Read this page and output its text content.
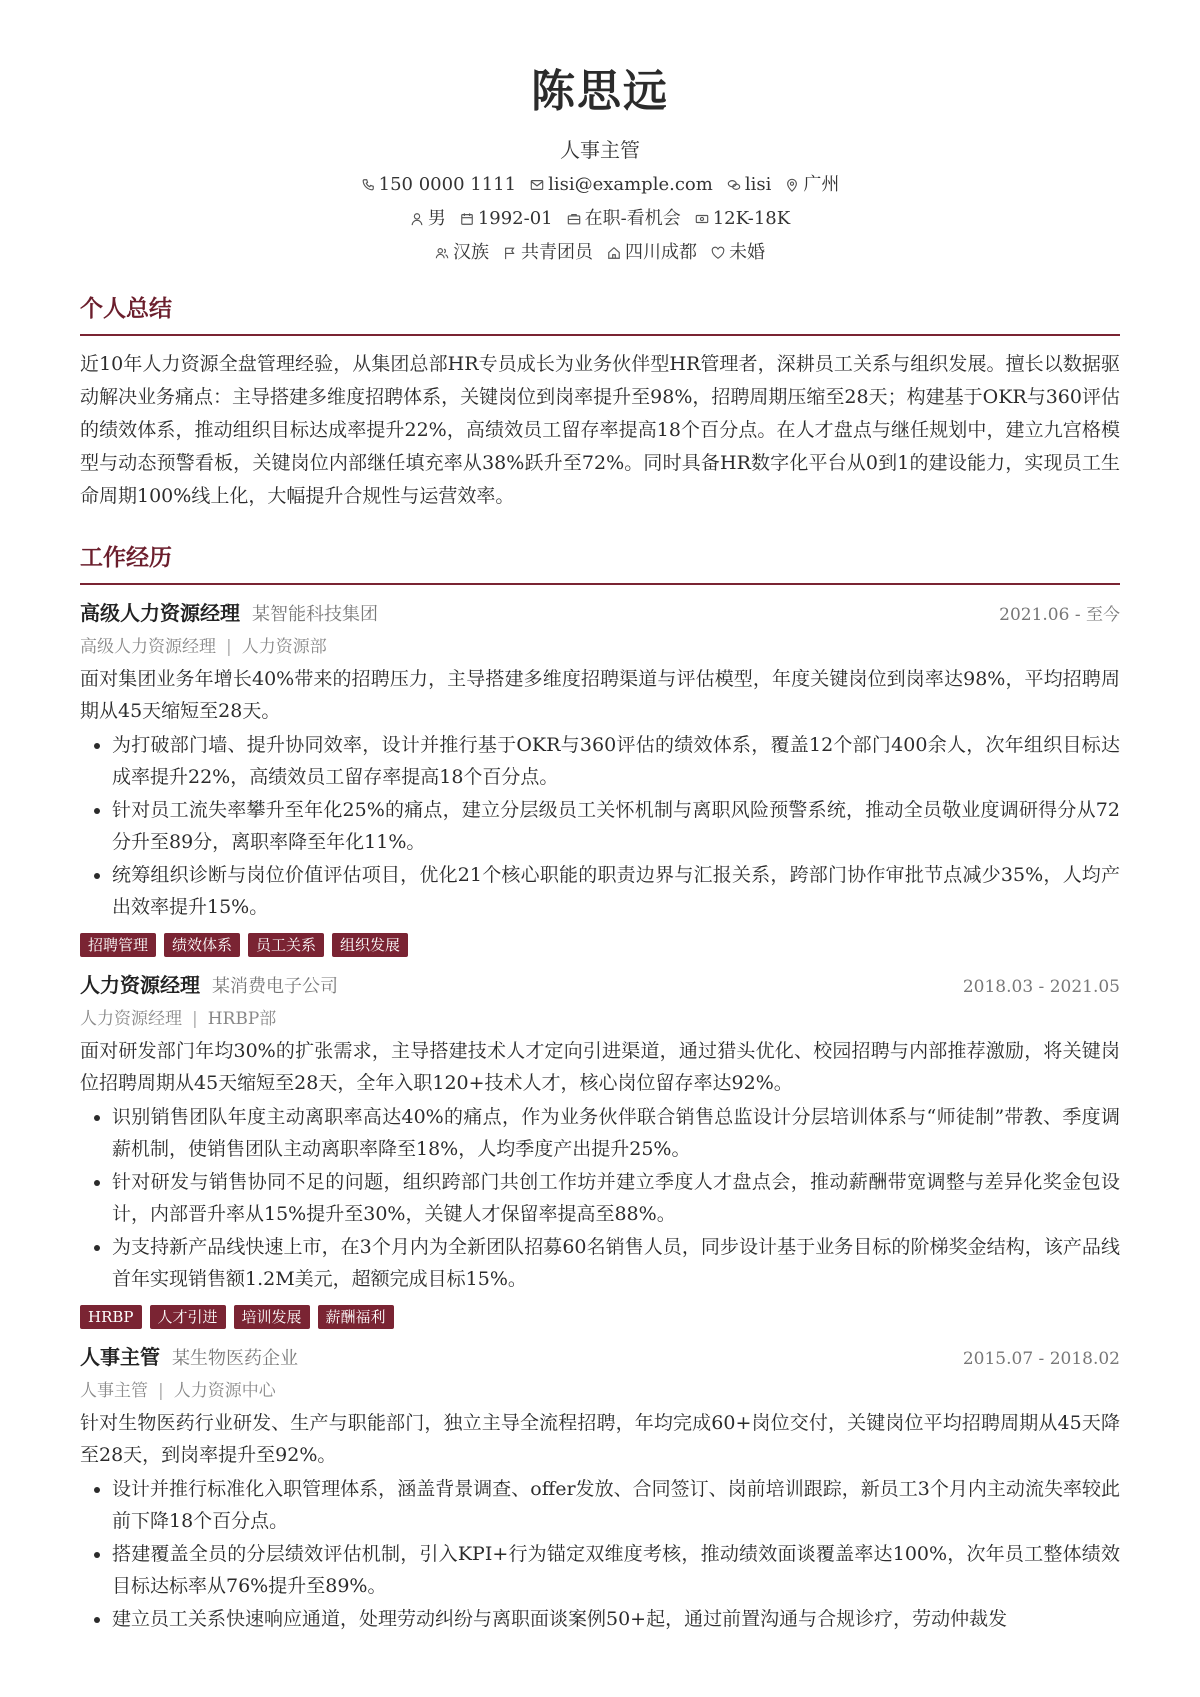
陈思远
人事主管
150 0000 1111 lisi@example.com lisi 广州
男 1992-01 在职-看机会 12K-18K
汉族 共青团员 四川成都 未婚
个人总结
近10年人力资源全盘管理经验，从集团总部HR专员成长为业务伙伴型HR管理者，深耕员工关系与组织发展。擅长以数据驱动解决业务痛点：主导搭建多维度招聘体系，关键岗位到岗率提升至98%，招聘周期压缩至28天；构建基于OKR与360评估的绩效体系，推动组织目标达成率提升22%，高绩效员工留存率提高18个百分点。在人才盘点与继任规划中，建立九宫格模型与动态预警看板，关键岗位内部继任填充率从38%跃升至72%。同时具备HR数字化平台从0到1的建设能力，实现员工生命周期100%线上化，大幅提升合规性与运营效率。
工作经历
高级人力资源经理 某智能科技集团	2021.06 - 至今
高级人力资源经理 | 人力资源部
面对集团业务年增长40%带来的招聘压力，主导搭建多维度招聘渠道与评估模型，年度关键岗位到岗率达98%，平均招聘周期从45天缩短至28天。
• 为打破部门墙、提升协同效率，设计并推行基于OKR与360评估的绩效体系，覆盖12个部门400余人，次年组织目标达成率提升22%，高绩效员工留存率提高18个百分点。
• 针对员工流失率攀升至年化25%的痛点，建立分层级员工关怀机制与离职风险预警系统，推动全员敬业度调研得分从72分升至89分，离职率降至年化11%。
• 统筹组织诊断与岗位价值评估项目，优化21个核心职能的职责边界与汇报关系，跨部门协作审批节点减少35%，人均产出效率提升15%。
招聘管理	绩效体系	员工关系	组织发展
人力资源经理 某消费电子公司	2018.03 - 2021.05
人力资源经理 | HRBP部
面对研发部门年均30%的扩张需求，主导搭建技术人才定向引进渠道，通过猎头优化、校园招聘与内部推荐激励，将关键岗位招聘周期从45天缩短至28天，全年入职120+技术人才，核心岗位留存率达92%。
• 识别销售团队年度主动离职率高达40%的痛点，作为业务伙伴联合销售总监设计分层培训体系与“师徒制”带教、季度调薪机制，使销售团队主动离职率降至18%，人均季度产出提升25%。
• 针对研发与销售协同不足的问题，组织跨部门共创工作坊并建立季度人才盘点会，推动薪酬带宽调整与差异化奖金包设计，内部晋升率从15%提升至30%，关键人才保留率提高至88%。
• 为支持新产品线快速上市，在3个月内为全新团队招募60名销售人员，同步设计基于业务目标的阶梯奖金结构，该产品线首年实现销售额1.2M美元，超额完成目标15%。
HRBP	人才引进	培训发展	薪酬福利
人事主管 某生物医药企业	2015.07 - 2018.02
人事主管 | 人力资源中心
针对生物医药行业研发、生产与职能部门，独立主导全流程招聘，年均完成60+岗位交付，关键岗位平均招聘周期从45天降至28天，到岗率提升至92%。
• 设计并推行标准化入职管理体系，涵盖背景调查、offer发放、合同签订、岗前培训跟踪，新员工3个月内主动流失率较此前下降18个百分点。
• 搭建覆盖全员的分层绩效评估机制，引入KPI+行为锚定双维度考核，推动绩效面谈覆盖率达100%，次年员工整体绩效目标达标率从76%提升至89%。
• 建立员工关系快速响应通道，处理劳动纠纷与离职面谈案例50+起，通过前置沟通与合规诊疗，劳动仲裁发
